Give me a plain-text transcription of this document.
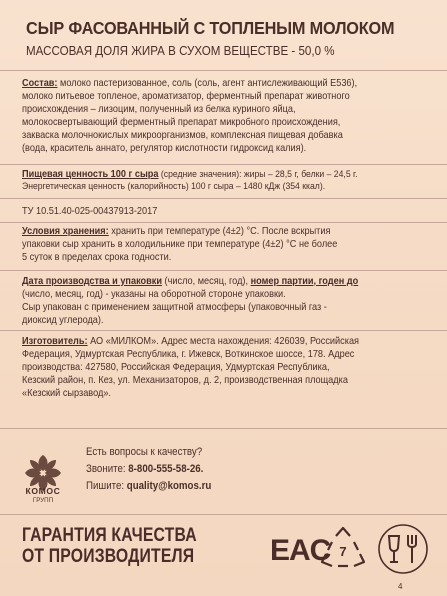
СЫР ФАСОВАННЫЙ С ТОПЛЕНЫМ МОЛОКОМ
МАССОВАЯ ДОЛЯ ЖИРА В СУХОМ ВЕЩЕСТВЕ - 50,0 %
Состав: молоко пастеризованное, соль (соль, агент антислеживающий Е536),
молоко питьевое топленое, ароматизатор, ферментный препарат животного
происхождения – лизоцим, полученный из белка куриного яйца,
молокосвертывающий ферментный препарат микробного происхождения,
закваска молочнокислых микроорганизмов, комплексная пищевая добавка
(вода, краситель аннато, регулятор кислотности гидроксид калия).
Пищевая ценность 100 г сыра (средние значения): жиры – 28,5 г, белки – 24,5 г.
Энергетическая ценность (калорийность) 100 г сыра – 1480 кДж (354 ккал).
ТУ 10.51.40-025-00437913-2017
Условия хранения: хранить при температуре (4±2) °С. После вскрытия
упаковки сыр хранить в холодильнике при температуре (4±2) °С не более
5 суток в пределах срока годности.
Дата производства и упаковки (число, месяц, год), номер партии, годен до
(число, месяц, год) - указаны на оборотной стороне упаковки.
Сыр упакован с применением защитной атмосферы (упаковочный газ -
диоксид углерода).
Изготовитель: АО «МИЛКОМ». Адрес места нахождения: 426039, Российская
Федерация, Удмуртская Республика, г. Ижевск, Воткинское шоссе, 178. Адрес
производства: 427580, Российская Федерация, Удмуртская Республика,
Кезский район, п. Кез, ул. Механизаторов, д. 2, производственная площадка
«Кезский сырзавод».
КОМОС
ГРУПП
Есть вопросы к качеству?
Звоните: 8-800-555-58-26.
Пишите: quality@komos.ru
ГАРАНТИЯ КАЧЕСТВА
ОТ ПРОИЗВОДИТЕЛЯ	EAC 7
4
